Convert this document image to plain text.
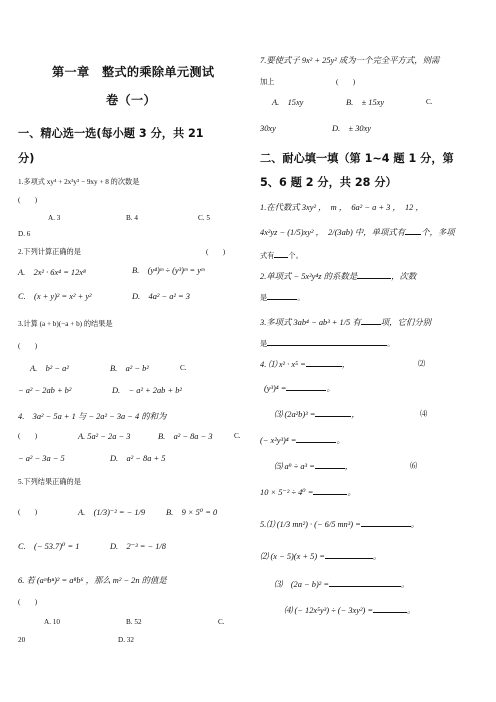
第一章　整式的乘除单元测试
卷（一）
一、精心选一选(每小题 3 分，共 21
分)
1.多项式 xy⁴ + 2x³y³ − 9xy + 8 的次数是
(　　)
A. 3	B. 4	C. 5
D. 6
2.下列计算正确的是	(　　)
A.　2x² · 6x⁴ = 12x⁸	B.　(y⁴)ᵐ ÷ (y³)ᵐ = yᵐ
C.　(x + y)² = x² + y²	D.　4a² − a² = 3
3.计算 (a + b)(−a + b) 的结果是
(　　)
A.　b² − a²	B.　a² − b²	C.
− a² − 2ab + b²	D.　− a² + 2ab + b²
4.　3a² − 5a + 1 与 − 2a² − 3a − 4 的和为
(　　)	A. 5a² − 2a − 3	B.　a² − 8a − 3	C.
− a² − 3a − 5	D.　a² − 8a + 5
5.下列结果正确的是
(　　)	A.　(1/3)⁻² = − 1/9 B.　9 × 5⁰ = 0
C.　(− 53.7)⁰ = 1	D.　2⁻³ = − 1/8
6. 若 (aᵐbⁿ)² = a⁸b⁶ ，那么 m² − 2n 的值是
(　　)
A. 10	B. 52	C.
20	D. 32
7.要使式子 9x² + 25y² 成为一个完全平方式，则需
加上	(　　)
A.　15xy	B.　± 15xy	C.
30xy	D.　± 30xy
二、耐心填一填（第 1~4 题 1 分，第
5、6 题 2 分，共 28 分）
1.在代数式 3xy² ，　m ，　6a² − a + 3 ，　12 ，
4x²yz − (1/5)xy² ，　2/(3ab) 中，单项式有 个，多项
式有 个。
2.单项式 − 5x²y⁴z 的系数是	，次数
是	。
3.多项式 3ab⁴ − ab³ + 1/5 有 项，它们分别
是	。
4. ⑴ x² · x⁵ =	，	⑵
(y³)⁴ =	。
⑶ (2a²b)³ =	，	⑷
(− x²y³)⁴ =	。
⑸ a⁹ ÷ a³ =	，	⑹
10 × 5⁻² ÷ 4⁰ =	。
5.⑴ (1/3 mn²) · (− 6/5 mn³) =	。
⑵ (x − 5)(x + 5) =	。
⑶　(2a − b)² =	。
⑷ (− 12x⁵y³) ÷ (− 3xy²) =	。
